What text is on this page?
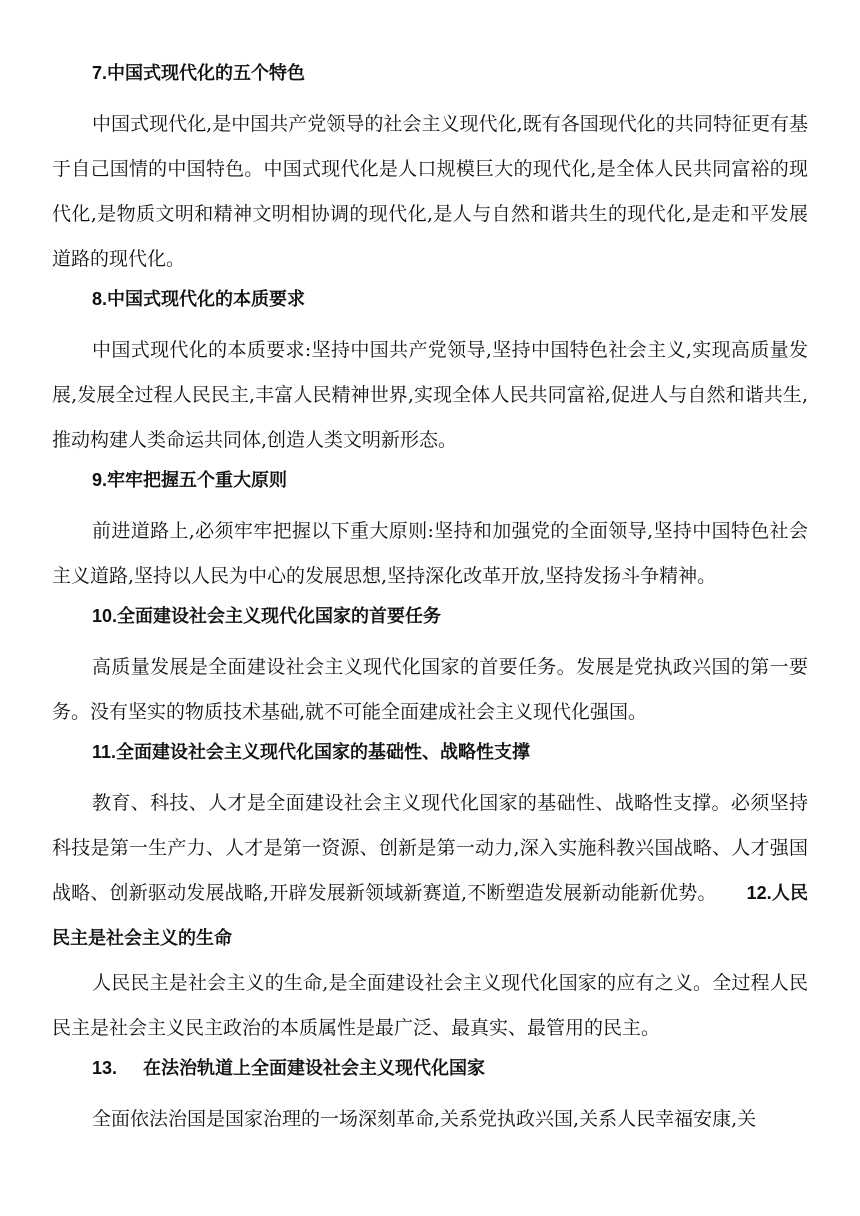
7.中国式现代化的五个特色

中国式现代化,是中国共产党领导的社会主义现代化,既有各国现代化的共同特征更有基于自己国情的中国特色。中国式现代化是人口规模巨大的现代化,是全体人民共同富裕的现代化,是物质文明和精神文明相协调的现代化,是人与自然和谐共生的现代化,是走和平发展道路的现代化。

8.中国式现代化的本质要求

中国式现代化的本质要求:坚持中国共产党领导,坚持中国特色社会主义,实现高质量发展,发展全过程人民民主,丰富人民精神世界,实现全体人民共同富裕,促进人与自然和谐共生,推动构建人类命运共同体,创造人类文明新形态。

9.牢牢把握五个重大原则

前进道路上,必须牢牢把握以下重大原则:坚持和加强党的全面领导,坚持中国特色社会主义道路,坚持以人民为中心的发展思想,坚持深化改革开放,坚持发扬斗争精神。

10.全面建设社会主义现代化国家的首要任务

高质量发展是全面建设社会主义现代化国家的首要任务。发展是党执政兴国的第一要务。没有坚实的物质技术基础,就不可能全面建成社会主义现代化强国。

11.全面建设社会主义现代化国家的基础性、战略性支撑

教育、科技、人才是全面建设社会主义现代化国家的基础性、战略性支撑。必须坚持科技是第一生产力、人才是第一资源、创新是第一动力,深入实施科教兴国战略、人才强国战略、创新驱动发展战略,开辟发展新领域新赛道,不断塑造发展新动能新优势。 12.人民民主是社会主义的生命

人民民主是社会主义的生命,是全面建设社会主义现代化国家的应有之义。全过程人民民主是社会主义民主政治的本质属性是最广泛、最真实、最管用的民主。

13. 在法治轨道上全面建设社会主义现代化国家

全面依法治国是国家治理的一场深刻革命,关系党执政兴国,关系人民幸福安康,关
